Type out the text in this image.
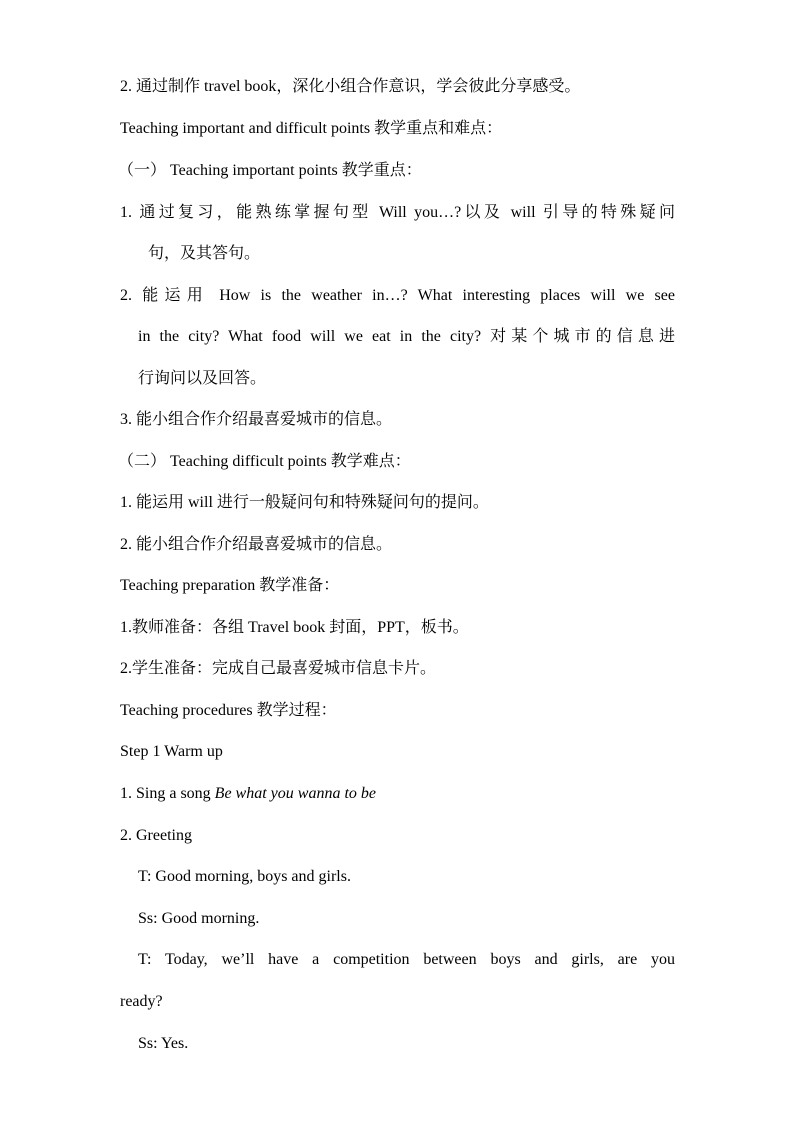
2. 通过制作 travel book，深化小组合作意识，学会彼此分享感受。
Teaching important and difficult points 教学重点和难点：
（一） Teaching important points 教学重点：
1. 通过复习，能熟练掌握句型 Will you…?以及 will 引导的特殊疑问
句，及其答句。
2. 能运用 How is the weather in…? What interesting places will we see
in the city? What food will we eat in the city? 对某个城市的信息进
行询问以及回答。
3. 能小组合作介绍最喜爱城市的信息。
（二） Teaching difficult points 教学难点：
1. 能运用 will 进行一般疑问句和特殊疑问句的提问。
2. 能小组合作介绍最喜爱城市的信息。
Teaching preparation 教学准备：
1.教师准备：各组 Travel book 封面，PPT，板书。
2.学生准备：完成自己最喜爱城市信息卡片。
Teaching procedures 教学过程：
Step 1 Warm up
1. Sing a song Be what you wanna to be
2. Greeting
T: Good morning, boys and girls.
Ss: Good morning.
T: Today, we’ll have a competition between boys and girls, are you
ready?
Ss: Yes.
